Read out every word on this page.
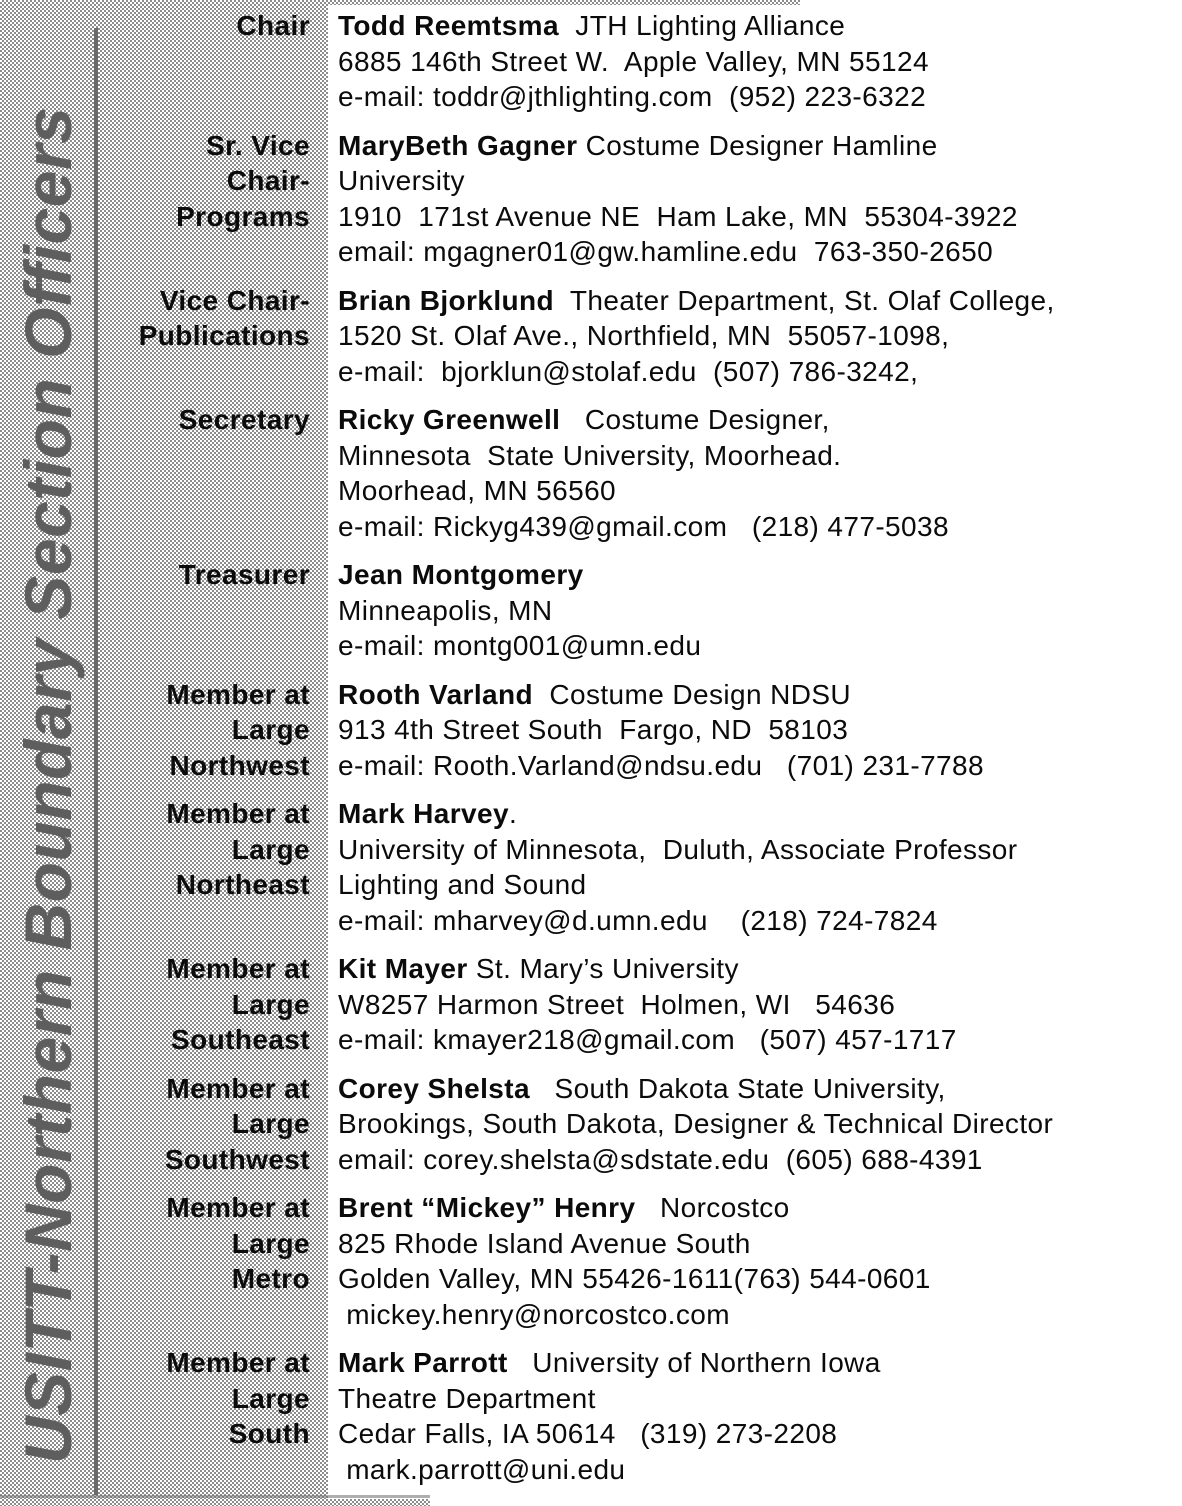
USITT-Northern Boundary Section Officers
Chair Todd Reemtsma  JTH Lighting Alliance
6885 146th Street W.  Apple Valley, MN 55124
e-mail: toddr@jthlighting.com  (952) 223-6322
Sr. Vice
Chair-
Programs
MaryBeth Gagner Costume Designer Hamline
University
1910  171st Avenue NE  Ham Lake, MN  55304-3922
email: mgagner01@gw.hamline.edu  763-350-2650
Vice Chair-
Publications
Brian Bjorklund  Theater Department, St. Olaf College,
1520 St. Olaf Ave., Northfield, MN  55057-1098,
e-mail:  bjorklun@stolaf.edu  (507) 786-3242,
Secretary Ricky Greenwell   Costume Designer,
Minnesota  State University, Moorhead.
Moorhead, MN 56560
e-mail: Rickyg439@gmail.com   (218) 477-5038
Treasurer Jean Montgomery
Minneapolis, MN
e-mail: montg001@umn.edu
Member at
Large
Northwest
Rooth Varland  Costume Design NDSU
913 4th Street South  Fargo, ND  58103
e-mail: Rooth.Varland@ndsu.edu   (701) 231-7788
Member at
Large
Northeast
Mark Harvey.
University of Minnesota,  Duluth, Associate Professor
Lighting and Sound
e-mail: mharvey@d.umn.edu    (218) 724-7824
Member at
Large
Southeast
Kit Mayer St. Mary’s University
W8257 Harmon Street  Holmen, WI   54636
e-mail: kmayer218@gmail.com   (507) 457-1717
Member at
Large
Southwest
Corey Shelsta   South Dakota State University,
Brookings, South Dakota, Designer & Technical Director
email: corey.shelsta@sdstate.edu  (605) 688-4391
Member at
Large
Metro
Brent “Mickey” Henry   Norcostco
825 Rhode Island Avenue South
Golden Valley, MN 55426-1611(763) 544-0601
mickey.henry@norcostco.com
Member at
Large
South
Mark Parrott   University of Northern Iowa
Theatre Department
Cedar Falls, IA 50614   (319) 273-2208
mark.parrott@uni.edu
